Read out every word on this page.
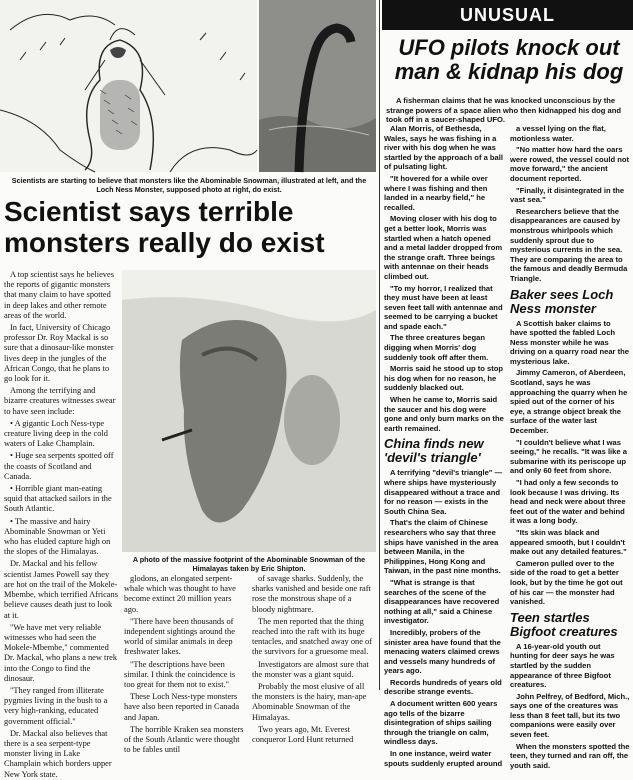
Scientists are starting to believe that monsters like the Abominable Snowman, illustrated at left, and the Loch Ness Monster, supposed photo at right, do exist.
Scientist says terrible monsters really do exist
A photo of the massive footprint of the Abominable Snowman of the Himalayas taken by Eric Shipton.

A top scientist says he believes the reports of gigantic monsters that many claim to have spotted in deep lakes and other remote areas of the world.

In fact, University of Chicago professor Dr. Roy Mackal is so sure that a dinosaur-like monster lives deep in the jungles of the African Congo, that he plans to go look for it.

Among the terrifying and bizarre creatures witnesses swear to have seen include:

• A gigantic Loch Ness-type creature living deep in the cold waters of Lake Champlain.

• Huge sea serpents spotted off the coasts of Scotland and Canada.

• Horrible giant man-eating squid that attacked sailors in the South Atlantic.

• The massive and hairy Abominable Snowman or Yeti who has eluded capture high on the slopes of the Himalayas.

Dr. Mackal and his fellow scientist James Powell say they are hot on the trail of the Mokele-Mbembe, which terrified Africans believe causes death just to look at it.

"We have met very reliable witnesses who had seen the Mokele-Mbembe," commented Dr. Mackal, who plans a new trek into the Congo to find the dinosaur.

"They ranged from illiterate pygmies living in the bush to a very high-ranking, educated government official."

Dr. Mackal also believes that there is a sea serpent-type monster living in Lake Champlain which borders upper New York state.

glodons, an elongated serpent-whale which was thought to have become extinct 20 million years ago.

"There have been thousands of independent sightings around the world of similar animals in deep freshwater lakes.

"The descriptions have been similar. I think the coincidence is too great for them not to exist."

These Loch Ness-type monsters have also been reported in Canada and Japan.

The horrible Kraken sea monsters of the South Atlantic were thought to be fables until

of savage sharks. Suddenly, the sharks vanished and beside one raft rose the monstrous shape of a bloody nightmare.

The men reported that the thing reached into the raft with its huge tentacles, and snatched away one of the survivors for a gruesome meal.

Investigators are almost sure that the monster was a giant squid.

Probably the most elusive of all the monsters is the hairy, man-ape Abominable Snowman of the Himalayas.

Two years ago, Mt. Everest conqueror Lord Hunt returned

UNUSUAL
UFO pilots knock out man & kidnap his dog
A fisherman claims that he was knocked unconscious by the strange powers of a space alien who then kidnapped his dog and took off in a saucer-shaped UFO.

Alan Morris, of Bethesda, Wales, says he was fishing in a river with his dog when he was startled by the approach of a ball of pulsating light.

"It hovered for a while over where I was fishing and then landed in a nearby field," he recalled.

Moving closer with his dog to get a better look, Morris was startled when a hatch opened and a metal ladder dropped from the strange craft. Three beings with antennae on their heads climbed out.

"To my horror, I realized that they must have been at least seven feet tall with antennae and seemed to be carrying a bucket and spade each."

The three creatures began digging when Morris' dog suddenly took off after them.

Morris said he stood up to stop his dog when for no reason, he suddenly blacked out.

When he came to, Morris said the saucer and his dog were gone and only burn marks on the earth remained.

China finds new 'devil's triangle'

A terrifying "devil's triangle" — where ships have mysteriously disappeared without a trace and for no reason — exists in the South China Sea.

That's the claim of Chinese researchers who say that three ships have vanished in the area between Manila, in the Philippines, Hong Kong and Taiwan, in the past nine months.

"What is strange is that searches of the scene of the disappearances have recovered nothing at all," said a Chinese investigator.

Incredibly, probers of the sinister area have found that the menacing waters claimed crews and vessels many hundreds of years ago.

Records hundreds of years old describe strange events.

A document written 600 years ago tells of the bizarre disintegration of ships sailing through the triangle on calm, windless days.

In one instance, weird water spouts suddenly erupted around

a vessel lying on the flat, motionless water.

"No matter how hard the oars were rowed, the vessel could not move forward," the ancient document reported.

"Finally, it disintegrated in the vast sea."

Researchers believe that the disappearances are caused by monstrous whirlpools which suddenly sprout due to mysterious currents in the sea. They are comparing the area to the famous and deadly Bermuda Triangle.

Baker sees Loch Ness monster

A Scottish baker claims to have spotted the fabled Loch Ness monster while he was driving on a quarry road near the mysterious lake.

Jimmy Cameron, of Aberdeen, Scotland, says he was approaching the quarry when he spied out of the corner of his eye, a strange object break the surface of the water last December.

"I couldn't believe what I was seeing," he recalls. "It was like a submarine with its periscope up and only 60 feet from shore.

"I had only a few seconds to look because I was driving. Its head and neck were about three feet out of the water and behind it was a long body.

"Its skin was black and appeared smooth, but I couldn't make out any detailed features."

Cameron pulled over to the side of the road to get a better look, but by the time he got out of his car — the monster had vanished.

Teen startles Bigfoot creatures

A 16-year-old youth out hunting for deer says he was startled by the sudden appearance of three Bigfoot creatures.

John Pelfrey, of Bedford, Mich., says one of the creatures was less than 8 feet tall, but its two companions were easily over seven feet.

When the monsters spotted the teen, they turned and ran off, the youth said.
